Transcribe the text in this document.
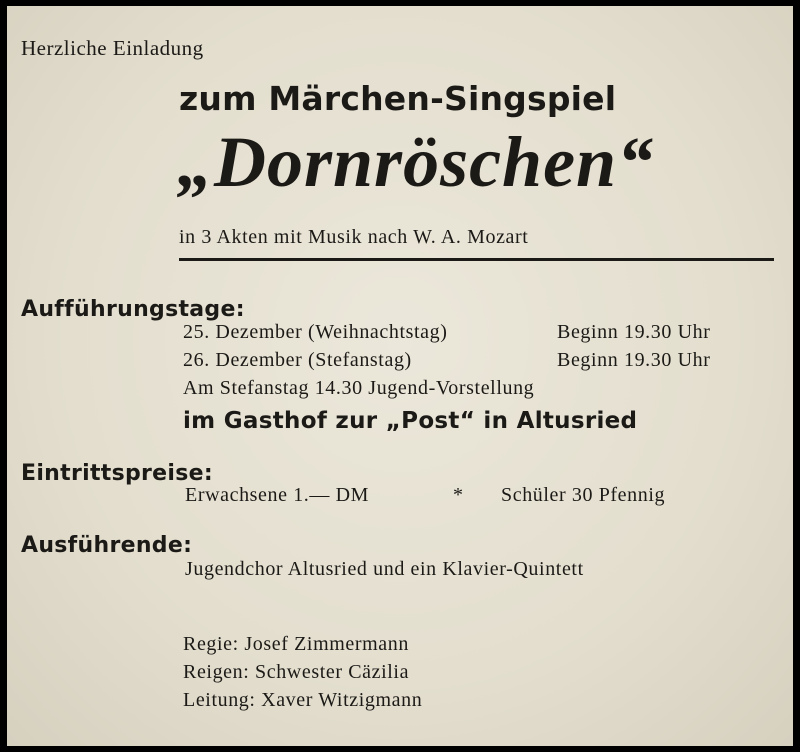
Herzliche Einladung
zum Märchen-Singspiel
„Dornröschen“
in 3 Akten mit Musik nach W. A. Mozart
Aufführungstage:
25. Dezember (Weihnachtstag)	Beginn 19.30 Uhr
26. Dezember (Stefanstag)	Beginn 19.30 Uhr
Am Stefanstag 14.30 Jugend-Vorstellung
im Gasthof zur „Post“ in Altusried
Eintrittspreise:
Erwachsene 1.— DM	* Schüler 30 Pfennig
Ausführende:
Jugendchor Altusried und ein Klavier-Quintett
Regie: Josef Zimmermann
Reigen: Schwester Cäzilia
Leitung: Xaver Witzigmann
